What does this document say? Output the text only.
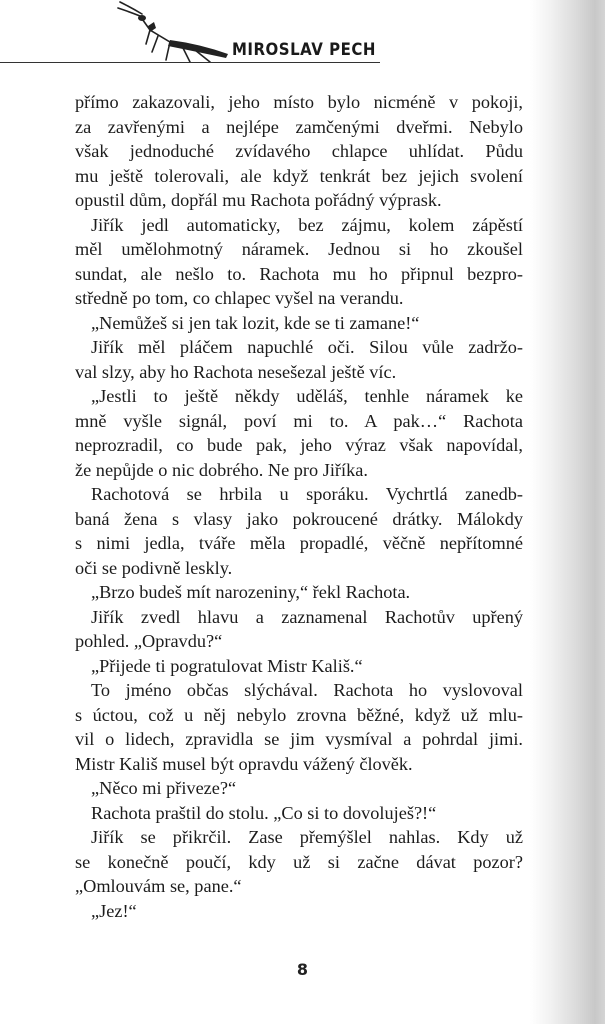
MIROSLAV PECH
přímo zakazovali, jeho místo bylo nicméně v pokoji,
za zavřenými a nejlépe zamčenými dveřmi. Nebylo
však jednoduché zvídavého chlapce uhlídat. Půdu
mu ještě tolerovali, ale když tenkrát bez jejich svolení
opustil dům, dopřál mu Rachota pořádný výprask.
Jiřík jedl automaticky, bez zájmu, kolem zápěstí
měl umělohmotný náramek. Jednou si ho zkoušel
sundat, ale nešlo to. Rachota mu ho připnul bezpro-
středně po tom, co chlapec vyšel na verandu.
„Nemůžeš si jen tak lozit, kde se ti zamane!“
Jiřík měl pláčem napuchlé oči. Silou vůle zadržo-
val slzy, aby ho Rachota nesešezal ještě víc.
„Jestli to ještě někdy uděláš, tenhle náramek ke
mně vyšle signál, poví mi to. A pak…“ Rachota
neprozradil, co bude pak, jeho výraz však napovídal,
že nepůjde o nic dobrého. Ne pro Jiříka.
Rachotová se hrbila u sporáku. Vychrtlá zanedb-
baná žena s vlasy jako pokroucené drátky. Málokdy
s nimi jedla, tváře měla propadlé, věčně nepřítomné
oči se podivně leskly.
„Brzo budeš mít narozeniny,“ řekl Rachota.
Jiřík zvedl hlavu a zaznamenal Rachotův upřený
pohled. „Opravdu?“
„Přijede ti pogratulovat Mistr Kališ.“
To jméno občas slýchával. Rachota ho vyslovoval
s úctou, což u něj nebylo zrovna běžné, když už mlu-
vil o lidech, zpravidla se jim vysmíval a pohrdal jimi.
Mistr Kališ musel být opravdu vážený člověk.
„Něco mi přiveze?“
Rachota praštil do stolu. „Co si to dovoluješ?!“
Jiřík se přikrčil. Zase přemýšlel nahlas. Kdy už
se konečně poučí, kdy už si začne dávat pozor?
„Omlouvám se, pane.“
„Jez!“
8
